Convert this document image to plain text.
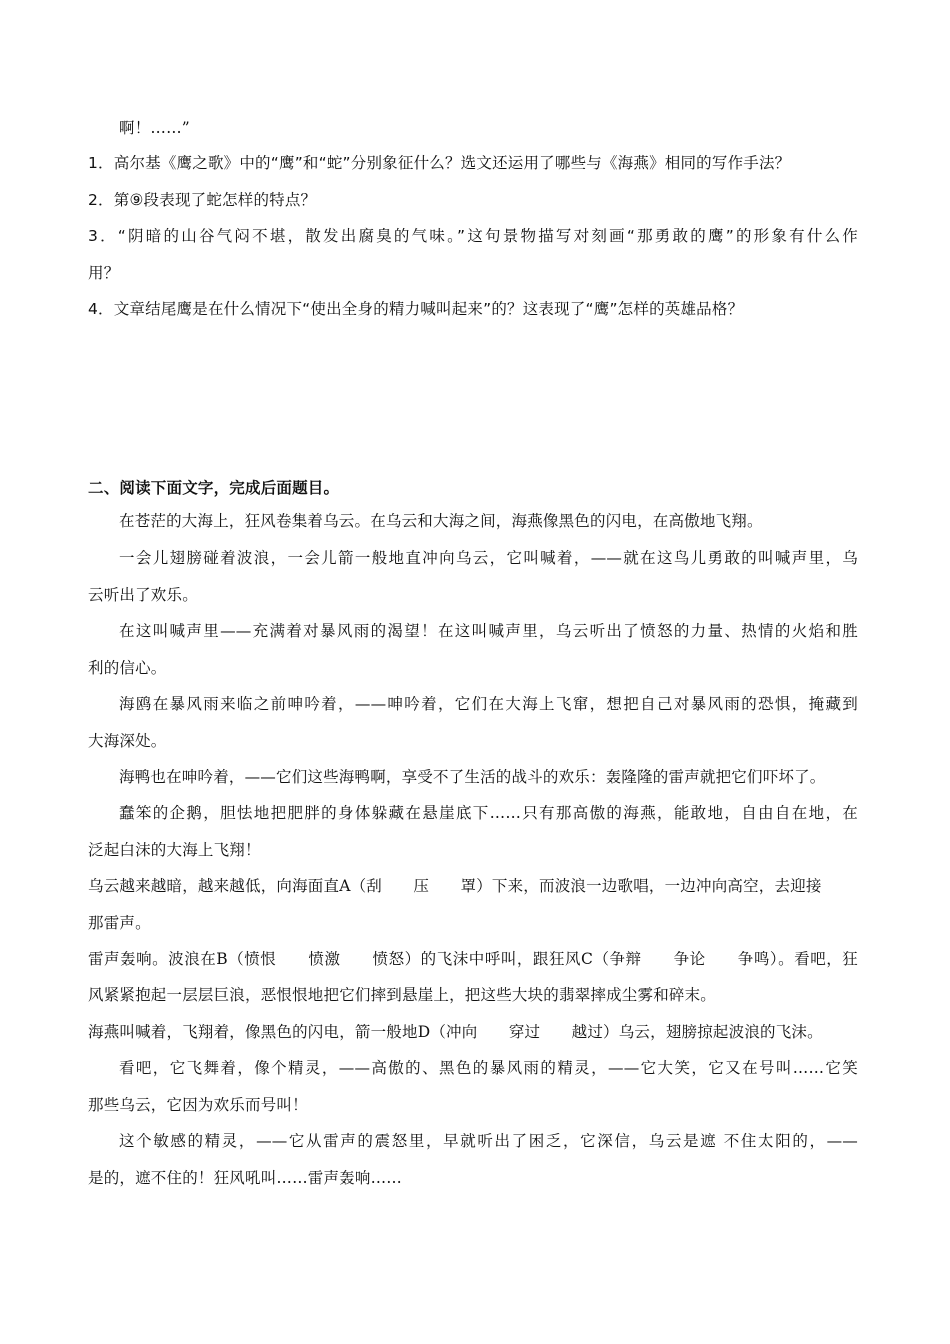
啊！……”
1．高尔基《鹰之歌》中的“鹰”和“蛇”分别象征什么？选文还运用了哪些与《海燕》相同的写作手法？
2．第⑨段表现了蛇怎样的特点？
3．“阴暗的山谷气闷不堪，散发出腐臭的气味。”这句景物描写对刻画“那勇敢的鹰”的形象有什么作
用？
4．文章结尾鹰是在什么情况下“使出全身的精力喊叫起来”的？这表现了“鹰”怎样的英雄品格？
二、阅读下面文字，完成后面题目。
在苍茫的大海上，狂风卷集着乌云。在乌云和大海之间，海燕像黑色的闪电，在高傲地飞翔。
一会儿翅膀碰着波浪，一会儿箭一般地直冲向乌云，它叫喊着，——就在这鸟儿勇敢的叫喊声里，乌
云听出了欢乐。
在这叫喊声里——充满着对暴风雨的渴望！在这叫喊声里，乌云听出了愤怒的力量、热情的火焰和胜
利的信心。
海鸥在暴风雨来临之前呻吟着，——呻吟着，它们在大海上飞窜，想把自己对暴风雨的恐惧，掩藏到
大海深处。
海鸭也在呻吟着，——它们这些海鸭啊，享受不了生活的战斗的欢乐：轰隆隆的雷声就把它们吓坏了。
蠢笨的企鹅，胆怯地把肥胖的身体躲藏在悬崖底下……只有那高傲的海燕，能敢地，自由自在地，在
泛起白沫的大海上飞翔！
乌云越来越暗，越来越低，向海面直A（刮　　压　　罩）下来，而波浪一边歌唱，一边冲向高空，去迎接
那雷声。
雷声轰响。波浪在B（愤恨　　愤激　　愤怒）的飞沫中呼叫，跟狂风C（争辩　　争论　　争鸣）。看吧，狂
风紧紧抱起一层层巨浪，恶恨恨地把它们摔到悬崖上，把这些大块的翡翠摔成尘雾和碎末。
海燕叫喊着，飞翔着，像黑色的闪电，箭一般地D（冲向　　穿过　　越过）乌云，翅膀掠起波浪的飞沫。
看吧，它飞舞着，像个精灵，——高傲的、黑色的暴风雨的精灵，——它大笑，它又在号叫……它笑
那些乌云，它因为欢乐而号叫！
这个敏感的精灵，——它从雷声的震怒里，早就听出了困乏，它深信，乌云是遮 不住太阳的，——
是的，遮不住的！狂风吼叫……雷声轰响……
